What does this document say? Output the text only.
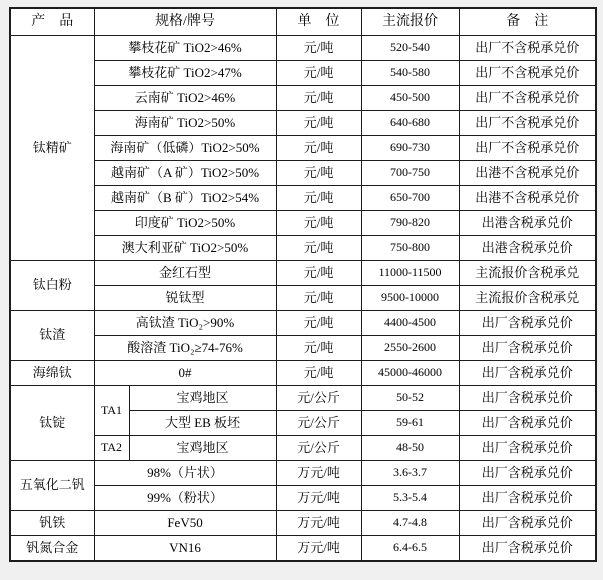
产　品	规格/牌号		单　位	主流报价	备　注
钛精矿	攀枝花矿 TiO2>46%		元/吨	520-540	出厂不含税承兑价
	攀枝花矿 TiO2>47%		元/吨	540-580	出厂不含税承兑价
	云南矿 TiO2>46%		元/吨	450-500	出厂不含税承兑价
	海南矿 TiO2>50%		元/吨	640-680	出厂不含税承兑价
	海南矿（低磷）TiO2>50%		元/吨	690-730	出厂不含税承兑价
	越南矿（A 矿）TiO2>50%		元/吨	700-750	出港不含税承兑价
	越南矿（B 矿）TiO2>54%		元/吨	650-700	出港不含税承兑价
	印度矿 TiO2>50%		元/吨	790-820	出港含税承兑价
	澳大利亚矿 TiO2>50%		元/吨	750-800	出港含税承兑价
钛白粉	金红石型		元/吨	11000-11500	主流报价含税承兑
	锐钛型		元/吨	9500-10000	主流报价含税承兑
钛渣	高钛渣 TiO₂>90%		元/吨	4400-4500	出厂含税承兑价
	酸溶渣 TiO₂≥74-76%		元/吨	2550-2600	出厂含税承兑价
海绵钛	0#		元/吨	45000-46000	出厂含税承兑价
钛锭	TA1	宝鸡地区	元/公斤	50-52	出厂含税承兑价
		大型 EB 板坯	元/公斤	59-61	出厂含税承兑价
	TA2	宝鸡地区	元/公斤	48-50	出厂含税承兑价
五氧化二钒	98%（片状）		万元/吨	3.6-3.7	出厂含税承兑价
	99%（粉状）		万元/吨	5.3-5.4	出厂含税承兑价
钒铁	FeV50		万元/吨	4.7-4.8	出厂含税承兑价
钒氮合金	VN16		万元/吨	6.4-6.5	出厂含税承兑价
